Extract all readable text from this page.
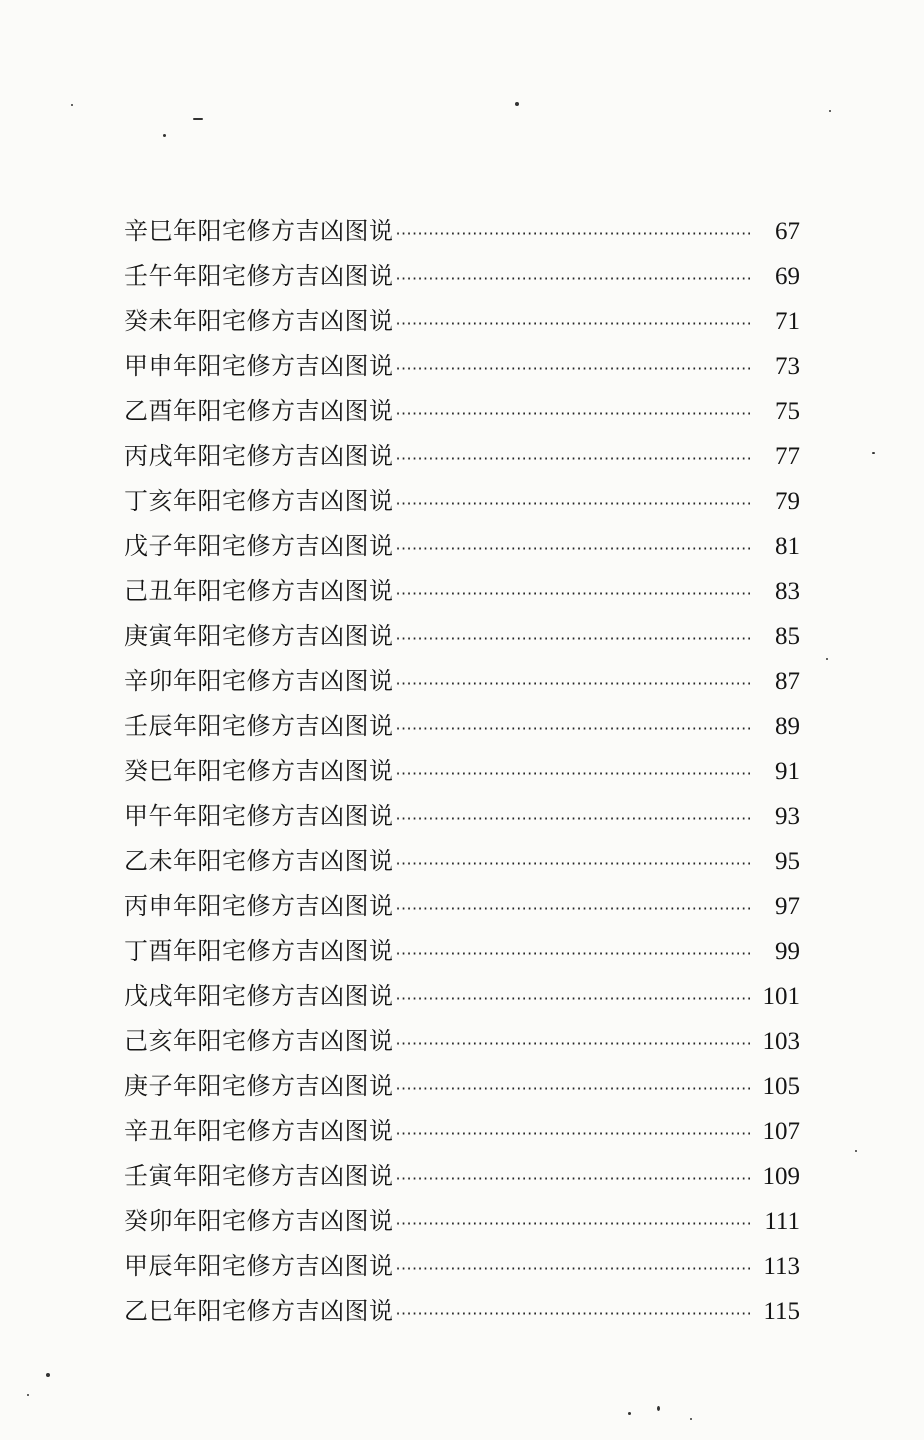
辛巳年阳宅修方吉凶图说 ·····	67
壬午年阳宅修方吉凶图说 ·····	69
癸未年阳宅修方吉凶图说 ·····	71
甲申年阳宅修方吉凶图说 ·····	73
乙酉年阳宅修方吉凶图说 ·····	75
丙戌年阳宅修方吉凶图说 ·····	77
丁亥年阳宅修方吉凶图说 ·····	79
戊子年阳宅修方吉凶图说 ·····	81
己丑年阳宅修方吉凶图说 ·····	83
庚寅年阳宅修方吉凶图说 ·····	85
辛卯年阳宅修方吉凶图说 ·····	87
壬辰年阳宅修方吉凶图说 ·····	89
癸巳年阳宅修方吉凶图说 ·····	91
甲午年阳宅修方吉凶图说 ·····	93
乙未年阳宅修方吉凶图说 ·····	95
丙申年阳宅修方吉凶图说 ·····	97
丁酉年阳宅修方吉凶图说 ·····	99
戊戌年阳宅修方吉凶图说 ·····	101
己亥年阳宅修方吉凶图说 ·····	103
庚子年阳宅修方吉凶图说 ·····	105
辛丑年阳宅修方吉凶图说 ·····	107
壬寅年阳宅修方吉凶图说 ·····	109
癸卯年阳宅修方吉凶图说 ·····	111
甲辰年阳宅修方吉凶图说 ·····	113
乙巳年阳宅修方吉凶图说 ·····	115
